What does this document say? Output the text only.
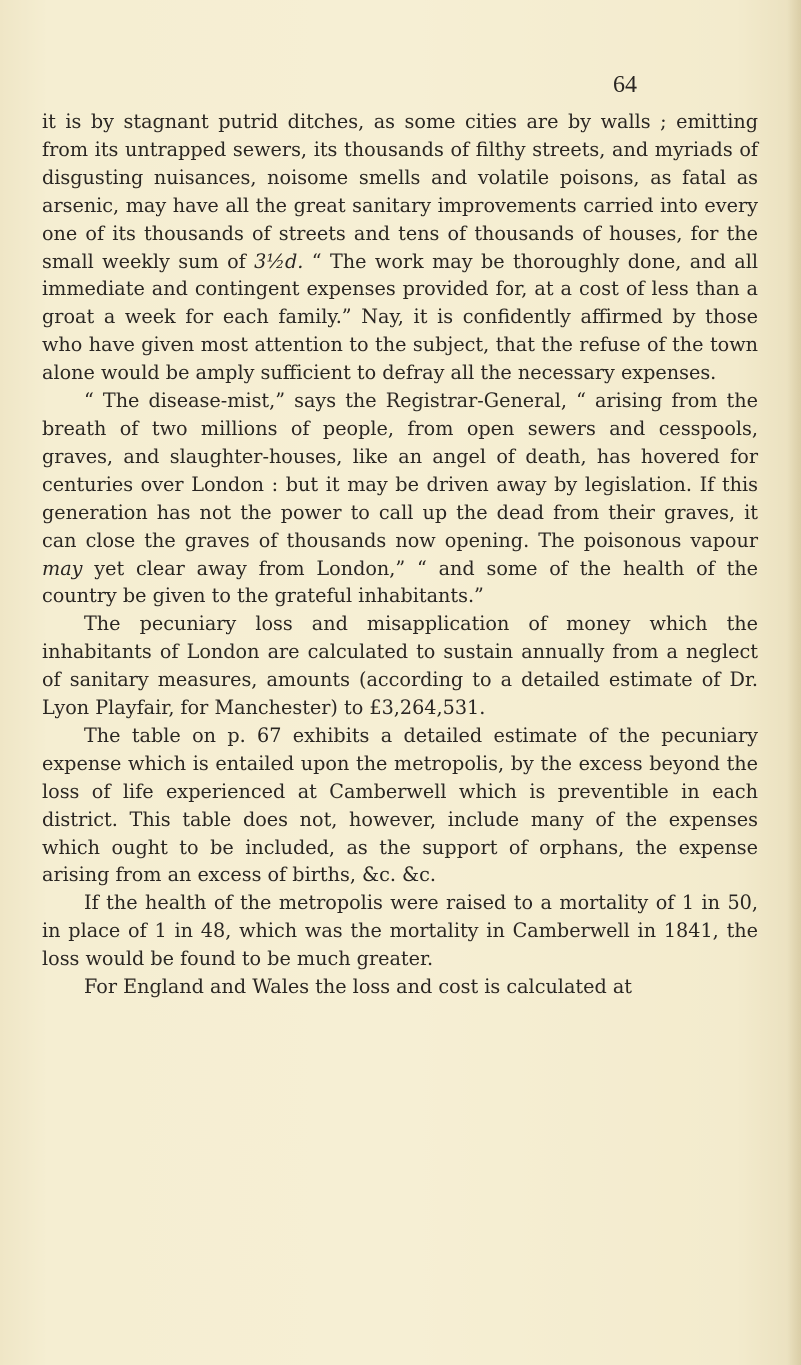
64

it is by stagnant putrid ditches, as some cities are by walls ; emitting from its untrapped sewers, its thousands of filthy streets, and myriads of disgusting nuisances, noisome smells and volatile poisons, as fatal as arsenic, may have all the great sanitary improvements carried into every one of its thousands of streets and tens of thousands of houses, for the small weekly sum of 3½d. “ The work may be thoroughly done, and all immediate and contingent expenses provided for, at a cost of less than a groat a week for each family.” Nay, it is confidently affirmed by those who have given most attention to the subject, that the refuse of the town alone would be amply sufficient to defray all the necessary expenses.

“ The disease-mist,” says the Registrar-General, “ arising from the breath of two millions of people, from open sewers and cesspools, graves, and slaughter-houses, like an angel of death, has hovered for centuries over London : but it may be driven away by legislation. If this generation has not the power to call up the dead from their graves, it can close the graves of thousands now opening. The poisonous vapour may yet clear away from London,” “ and some of the health of the country be given to the grateful inhabitants.”

The pecuniary loss and misapplication of money which the inhabitants of London are calculated to sustain annually from a neglect of sanitary measures, amounts (according to a detailed estimate of Dr. Lyon Playfair, for Manchester) to £3,264,531.

The table on p. 67 exhibits a detailed estimate of the pecuniary expense which is entailed upon the metropolis, by the excess beyond the loss of life experienced at Camberwell which is preventible in each district. This table does not, however, include many of the expenses which ought to be included, as the support of orphans, the expense arising from an excess of births, &c. &c.

If the health of the metropolis were raised to a mortality of 1 in 50, in place of 1 in 48, which was the mortality in Camberwell in 1841, the loss would be found to be much greater.

For England and Wales the loss and cost is calculated at
